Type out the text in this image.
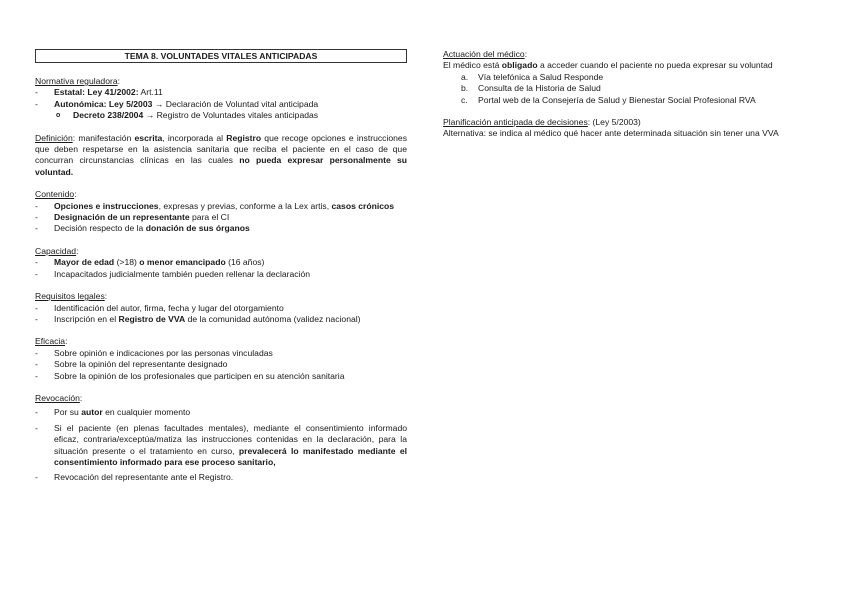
TEMA 8. VOLUNTADES VITALES ANTICIPADAS
Normativa reguladora:
- Estatal: Ley 41/2002: Art.11
- Autonómica: Ley 5/2003 → Declaración de Voluntad vital anticipada
o Decreto 238/2004 → Registro de Voluntades vitales anticipadas
Definición: manifestación escrita, incorporada al Registro que recoge opciones e instrucciones que deben respetarse en la asistencia sanitaria que reciba el paciente en el caso de que concurran circunstancias clínicas en las cuales no pueda expresar personalmente su voluntad.
Contenido:
- Opciones e instrucciones, expresas y previas, conforme a la Lex artis, casos crónicos
- Designación de un representante para el CI
- Decisión respecto de la donación de sus órganos
Capacidad:
- Mayor de edad (>18) o menor emancipado (16 años)
- Incapacitados judicialmente también pueden rellenar la declaración
Requisitos legales:
- Identificación del autor, firma, fecha y lugar del otorgamiento
- Inscripción en el Registro de VVA de la comunidad autónoma (validez nacional)
Eficacia:
- Sobre opinión e indicaciones por las personas vinculadas
- Sobre la opinión del representante designado
- Sobre la opinión de los profesionales que participen en su atención sanitaria
Revocación:
- Por su autor en cualquier momento
- Si el paciente (en plenas facultades mentales), mediante el consentimiento informado eficaz, contraria/exceptúa/matiza las instrucciones contenidas en la declaración, para la situación presente o el tratamiento en curso, prevalecerá lo manifestado mediante el consentimiento informado para ese proceso sanitario,
- Revocación del representante ante el Registro.
Actuación del médico:
El médico está obligado a acceder cuando el paciente no pueda expresar su voluntad
a. Vía telefónica a Salud Responde
b. Consulta de la Historia de Salud
c. Portal web de la Consejería de Salud y Bienestar Social Profesional RVA
Planificación anticipada de decisiones: (Ley 5/2003)
Alternativa: se indica al médico qué hacer ante determinada situación sin tener una VVA
